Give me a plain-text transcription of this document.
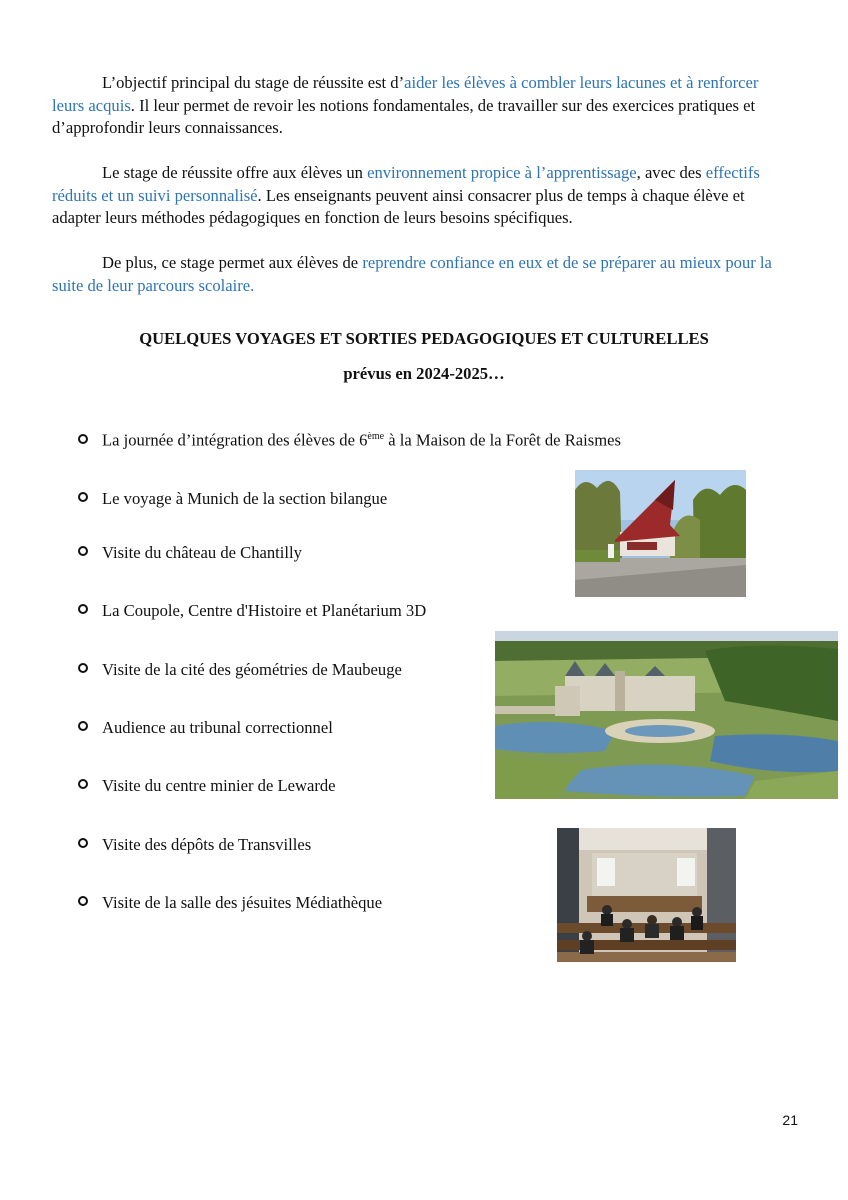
L’objectif principal du stage de réussite est d’aider les élèves à combler leurs lacunes et à renforcer leurs acquis. Il leur permet de revoir les notions fondamentales, de travailler sur des exercices pratiques et d’approfondir leurs connaissances.

Le stage de réussite offre aux élèves un environnement propice à l’apprentissage, avec des effectifs réduits et un suivi personnalisé. Les enseignants peuvent ainsi consacrer plus de temps à chaque élève et adapter leurs méthodes pédagogiques en fonction de leurs besoins spécifiques.

De plus, ce stage permet aux élèves de reprendre confiance en eux et de se préparer au mieux pour la suite de leur parcours scolaire.

QUELQUES VOYAGES ET SORTIES PEDAGOGIQUES ET CULTURELLES

prévus en 2024-2025…

La journée d’intégration des élèves de 6ème à la Maison de la Forêt de Raismes
Le voyage à Munich de la section bilangue
Visite du château de Chantilly
La Coupole, Centre d'Histoire et Planétarium 3D
Visite de la cité des géométries de Maubeuge
Audience au tribunal correctionnel
Visite du centre minier de Lewarde
Visite des dépôts de Transvilles
Visite de la salle des jésuites Médiathèque
21
